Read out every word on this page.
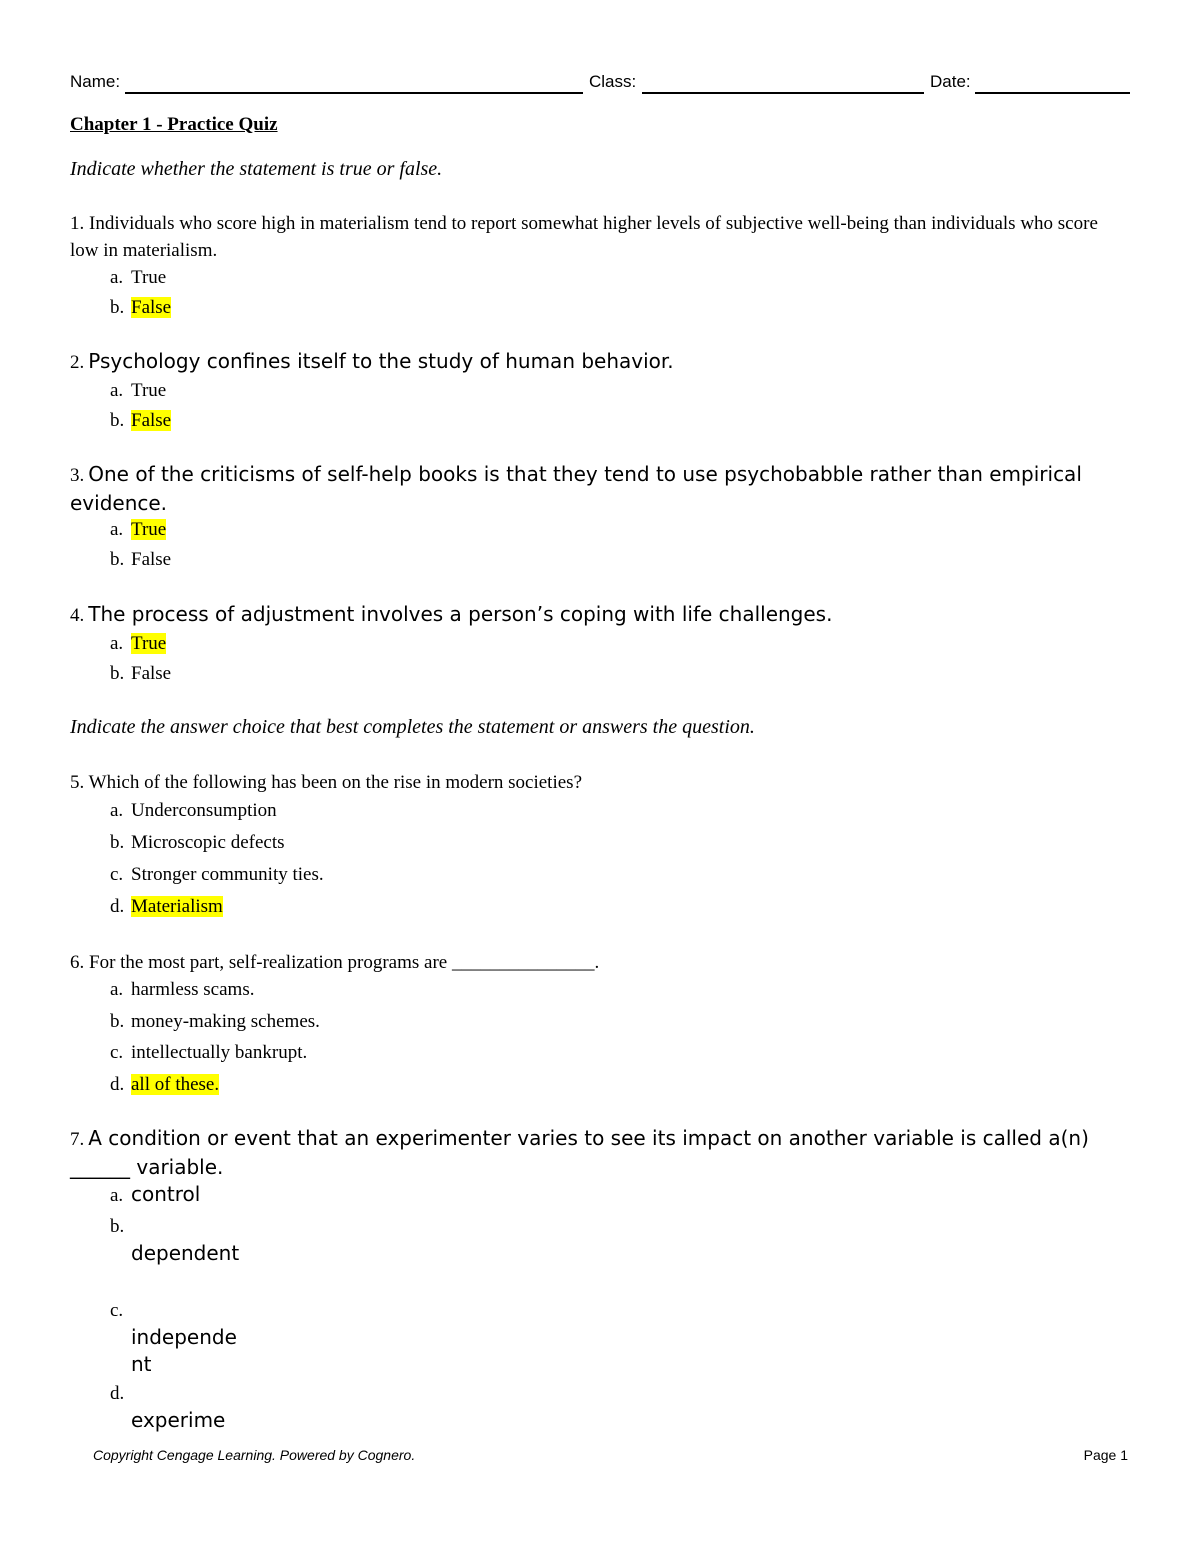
Name:	Class:	Date:
Chapter 1 - Practice Quiz
Indicate whether the statement is true or false.
1. Individuals who score high in materialism tend to report somewhat higher levels of subjective well-being than individuals who score low in materialism.
a. True
b. False
2. Psychology confines itself to the study of human behavior.
a. True
b. False
3. One of the criticisms of self-help books is that they tend to use psychobabble rather than empirical evidence.
a. True
b. False
4. The process of adjustment involves a person’s coping with life challenges.
a. True
b. False
Indicate the answer choice that best completes the statement or answers the question.
5. Which of the following has been on the rise in modern societies?
a. Underconsumption
b. Microscopic defects
c. Stronger community ties.
d. Materialism
6. For the most part, self-realization programs are _______________.
a. harmless scams.
b. money-making schemes.
c. intellectually bankrupt.
d. all of these.
7. A condition or event that an experimenter varies to see its impact on another variable is called a(n) ______ variable.
a. control
b.
dependent
c.
independent
d.
experime
Copyright Cengage Learning. Powered by Cognero.	Page 1
